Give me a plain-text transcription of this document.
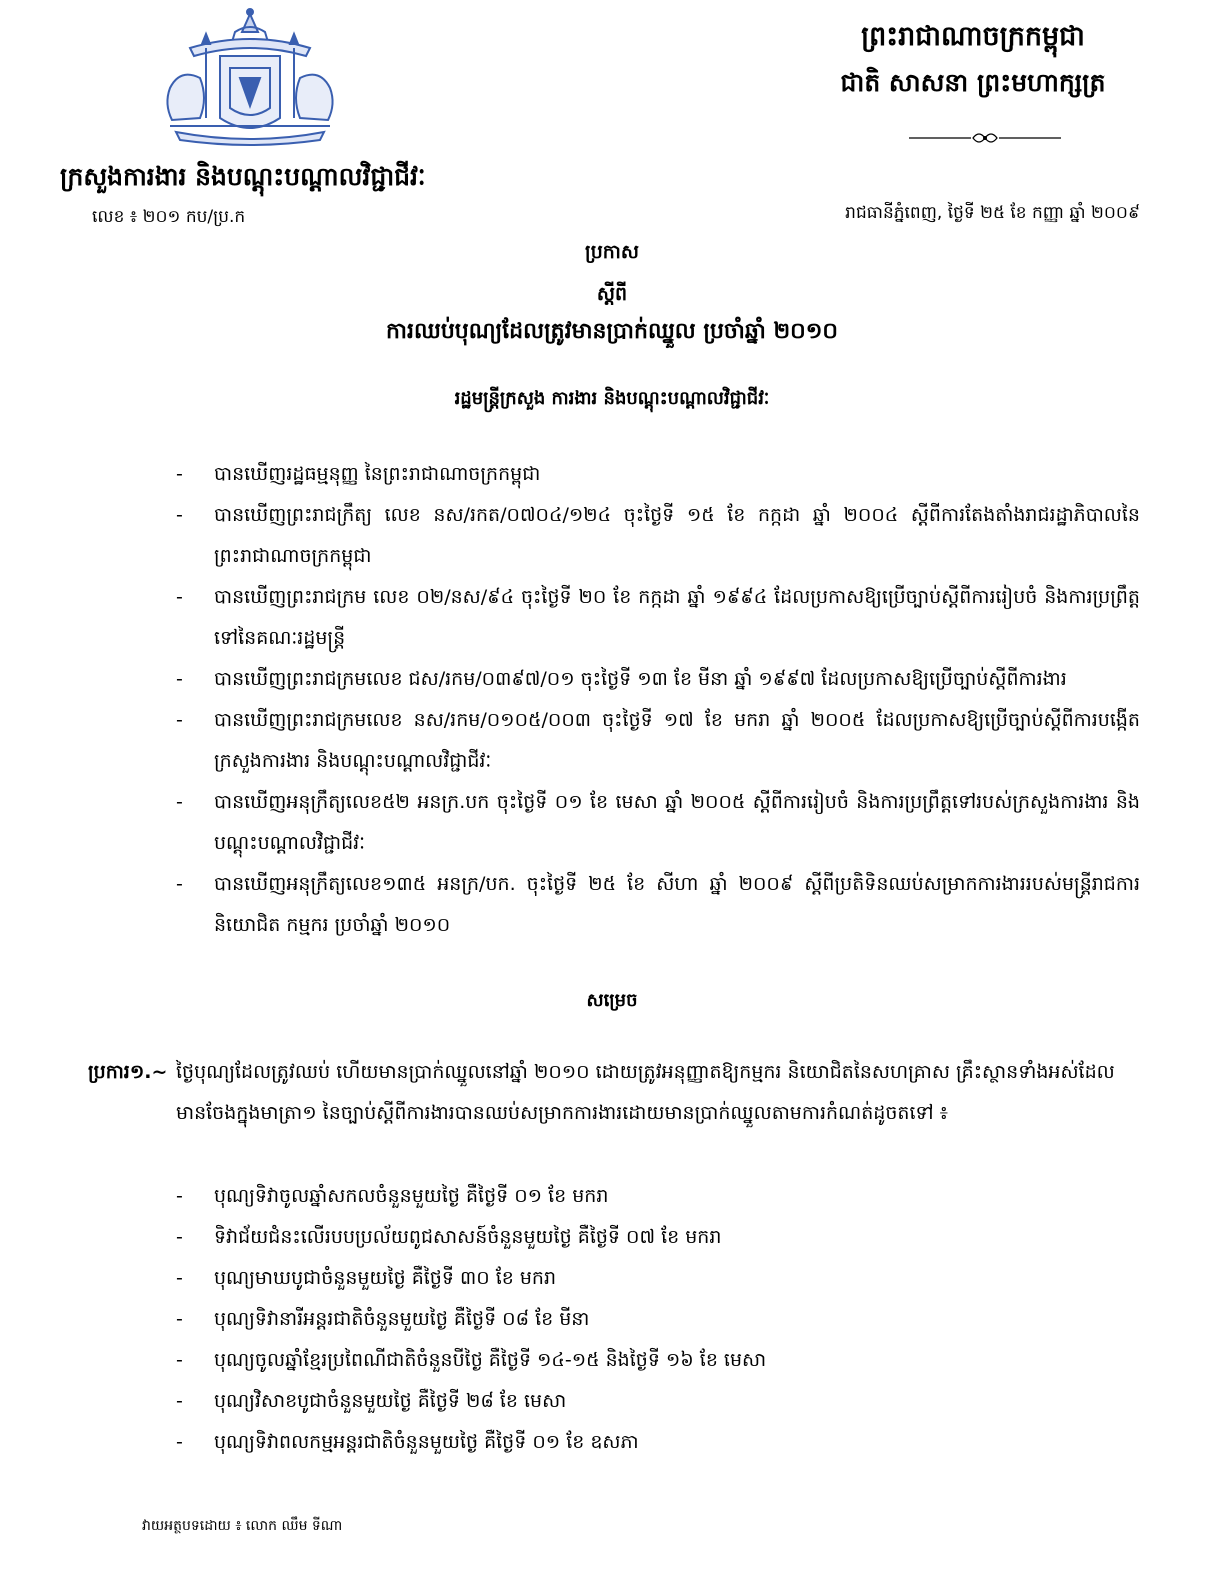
ព្រះរាជាណាចក្រកម្ពុជា
ជាតិ សាសនា ព្រះមហាក្សត្រ
ក្រសួងការងារ និងបណ្តុះបណ្តាលវិជ្ជាជីវៈ
លេខ ៖ ២០១ កប/ប្រ.ក	រាជធានីភ្នំពេញ, ថ្ងៃទី ២៥ ខែ កញ្ញា ឆ្នាំ ២០០៩
ប្រកាស
ស្តីពី
ការឈប់បុណ្យដែលត្រូវមានប្រាក់ឈ្នួល ប្រចាំឆ្នាំ ២០១០
រដ្ឋមន្ត្រីក្រសួង ការងារ និងបណ្តុះបណ្តាលវិជ្ជាជីវៈ
- បានឃើញរដ្ឋធម្មនុញ្ញ នៃព្រះរាជាណាចក្រកម្ពុជា
- បានឃើញព្រះរាជក្រឹត្យ លេខ នស/រកត/០៧០៤/១២៤ ចុះថ្ងៃទី ១៥ ខែ កក្កដា ឆ្នាំ ២០០៤ ស្តីពីការតែងតាំងរាជរដ្ឋាភិបាលនៃព្រះរាជាណាចក្រកម្ពុជា
- បានឃើញព្រះរាជក្រម លេខ ០២/នស/៩៤ ចុះថ្ងៃទី ២០ ខែ កក្កដា ឆ្នាំ ១៩៩៤ ដែលប្រកាសឱ្យប្រើច្បាប់ស្តីពីការរៀបចំ និងការប្រព្រឹត្តទៅនៃគណៈរដ្ឋមន្ត្រី
- បានឃើញព្រះរាជក្រមលេខ ជស/រកម/០៣៩៧/០១ ចុះថ្ងៃទី ១៣ ខែ មីនា ឆ្នាំ ១៩៩៧ ដែលប្រកាសឱ្យប្រើច្បាប់ស្តីពីការងារ
- បានឃើញព្រះរាជក្រមលេខ នស/រកម/០១០៥/០០៣ ចុះថ្ងៃទី ១៧ ខែ មករា ឆ្នាំ ២០០៥ ដែលប្រកាសឱ្យប្រើច្បាប់ស្តីពីការបង្កើតក្រសួងការងារ និងបណ្តុះបណ្តាលវិជ្ជាជីវៈ
- បានឃើញអនុក្រឹត្យលេខ៥២ អនក្រ.បក ចុះថ្ងៃទី ០១ ខែ មេសា ឆ្នាំ ២០០៥ ស្តីពីការរៀបចំ និងការប្រព្រឹត្តទៅរបស់ក្រសួងការងារ និងបណ្តុះបណ្តាលវិជ្ជាជីវៈ
- បានឃើញអនុក្រឹត្យលេខ១៣៥ អនក្រ/បក. ចុះថ្ងៃទី ២៥ ខែ សីហា ឆ្នាំ ២០០៩ ស្តីពីប្រតិទិនឈប់សម្រាកការងាររបស់មន្ត្រីរាជការ និយោជិត កម្មករ ប្រចាំឆ្នាំ ២០១០
សម្រេច
ប្រការ១.~ ថ្ងៃបុណ្យដែលត្រូវឈប់ ហើយមានប្រាក់ឈ្នួលនៅឆ្នាំ ២០១០ ដោយត្រូវអនុញ្ញាតឱ្យកម្មករ និយោជិតនៃសហគ្រាស គ្រឹះស្ថានទាំងអស់ដែលមានចែងក្នុងមាត្រា១ នៃច្បាប់ស្តីពីការងារបានឈប់សម្រាកការងារដោយមានប្រាក់ឈ្នួលតាមការកំណត់ដូចតទៅ ៖
- បុណ្យទិវាចូលឆ្នាំសកលចំនួនមួយថ្ងៃ គឺថ្ងៃទី ០១ ខែ មករា
- ទិវាជ័យជំនះលើរបបប្រល័យពូជសាសន៍ចំនួនមួយថ្ងៃ គឺថ្ងៃទី ០៧ ខែ មករា
- បុណ្យមាឃបូជាចំនួនមួយថ្ងៃ គឺថ្ងៃទី ៣០ ខែ មករា
- បុណ្យទិវានារីអន្តរជាតិចំនួនមួយថ្ងៃ គឺថ្ងៃទី ០៨ ខែ មីនា
- បុណ្យចូលឆ្នាំខ្មែរប្រពៃណីជាតិចំនួនបីថ្ងៃ គឺថ្ងៃទី ១៤-១៥ និងថ្ងៃទី ១៦ ខែ មេសា
- បុណ្យវិសាខបូជាចំនួនមួយថ្ងៃ គឺថ្ងៃទី ២៨ ខែ មេសា
- បុណ្យទិវាពលកម្មអន្តរជាតិចំនួនមួយថ្ងៃ គឺថ្ងៃទី ០១ ខែ ឧសភា
វាយអត្ថបទដោយ ៖ លោក ឈឹម ទីណា
